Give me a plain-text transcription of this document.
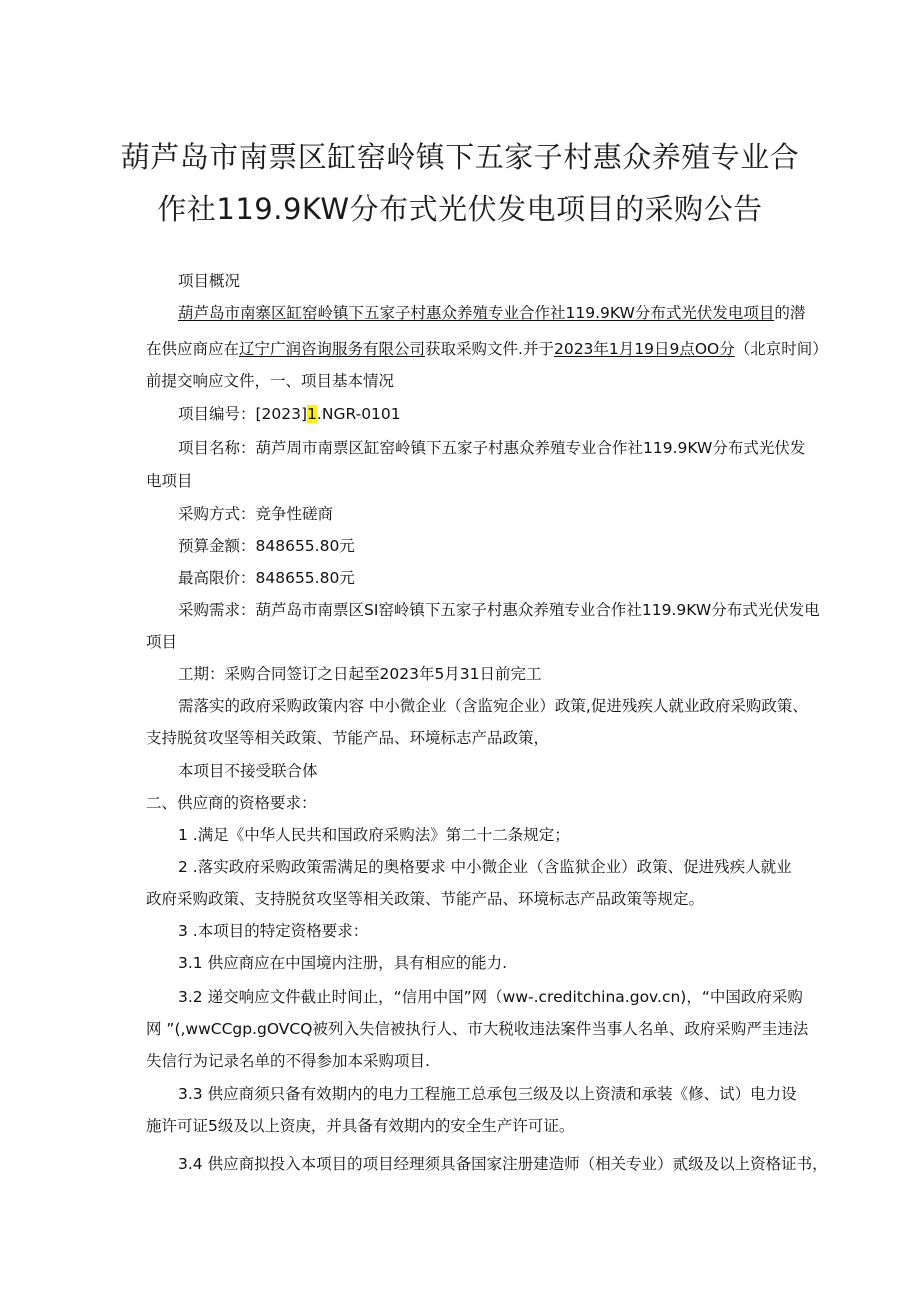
葫芦岛市南票区缸窑岭镇下五家子村惠众养殖专业合
作社119.9KW分布式光伏发电项目的采购公告
项目概况
葫芦岛市南寨区缸窑岭镇下五家子村惠众养殖专业合作社119.9KW分布式光伏发电项目的潜
在供应商应在辽宁广润咨询服务有限公司获取采购文件.并于2023年1月19日9点OO分（北京时间）
前提交响应文件，一、项目基本情况
项目编号：[2023]1.NGR-0101
项目名称：葫芦周市南票区缸窑岭镇下五家子村惠众养殖专业合作社119.9KW分布式光伏发
电项目
采购方式：竞争性磋商
预算金额：848655.80元
最高限价：848655.80元
采购需求：葫芦岛市南票区SI窑岭镇下五家子村惠众养殖专业合作社119.9KW分布式光伏发电
项目
工期：采购合同签订之日起至2023年5月31日前完工
需落实的政府采购政策内容 中小微企业（含监宛企业）政策,促进残疾人就业政府采购政策、
支持脱贫攻坚等相关政策、节能产品、环境标志产品政策，
本项目不接受联合体
二、供应商的资格要求：
1 .满足《中华人民共和国政府采购法》第二十二条规定；
2 .落实政府采购政策需满足的奥格要求 中小微企业（含监狱企业）政策、促进残疾人就业
政府采购政策、支持脱贫攻坚等相关政策、节能产品、环境标志产品政策等规定。
3 .本项目的特定资格要求：
3.1 供应商应在中国境内注册，具有相应的能力.
3.2 递交响应文件截止时间止，“信用中国”网（ww-.creditchina.gov.cn)，“中国政府采购
网 ”(,wwCCgp.gOVCQ被列入失信被执行人、市大税收违法案件当事人名单、政府采购严圭违法
失信行为记录名单的不得参加本采购项目.
3.3 供应商须只备有效期内的电力工程施工总承包三级及以上资渍和承装《修、试）电力设
施许可证5级及以上资庚，并具备有效期内的安全生产许可证。
3.4 供应商拟投入本项目的项目经理须具备国家注册建造师（相关专业）贰级及以上资格证书，
